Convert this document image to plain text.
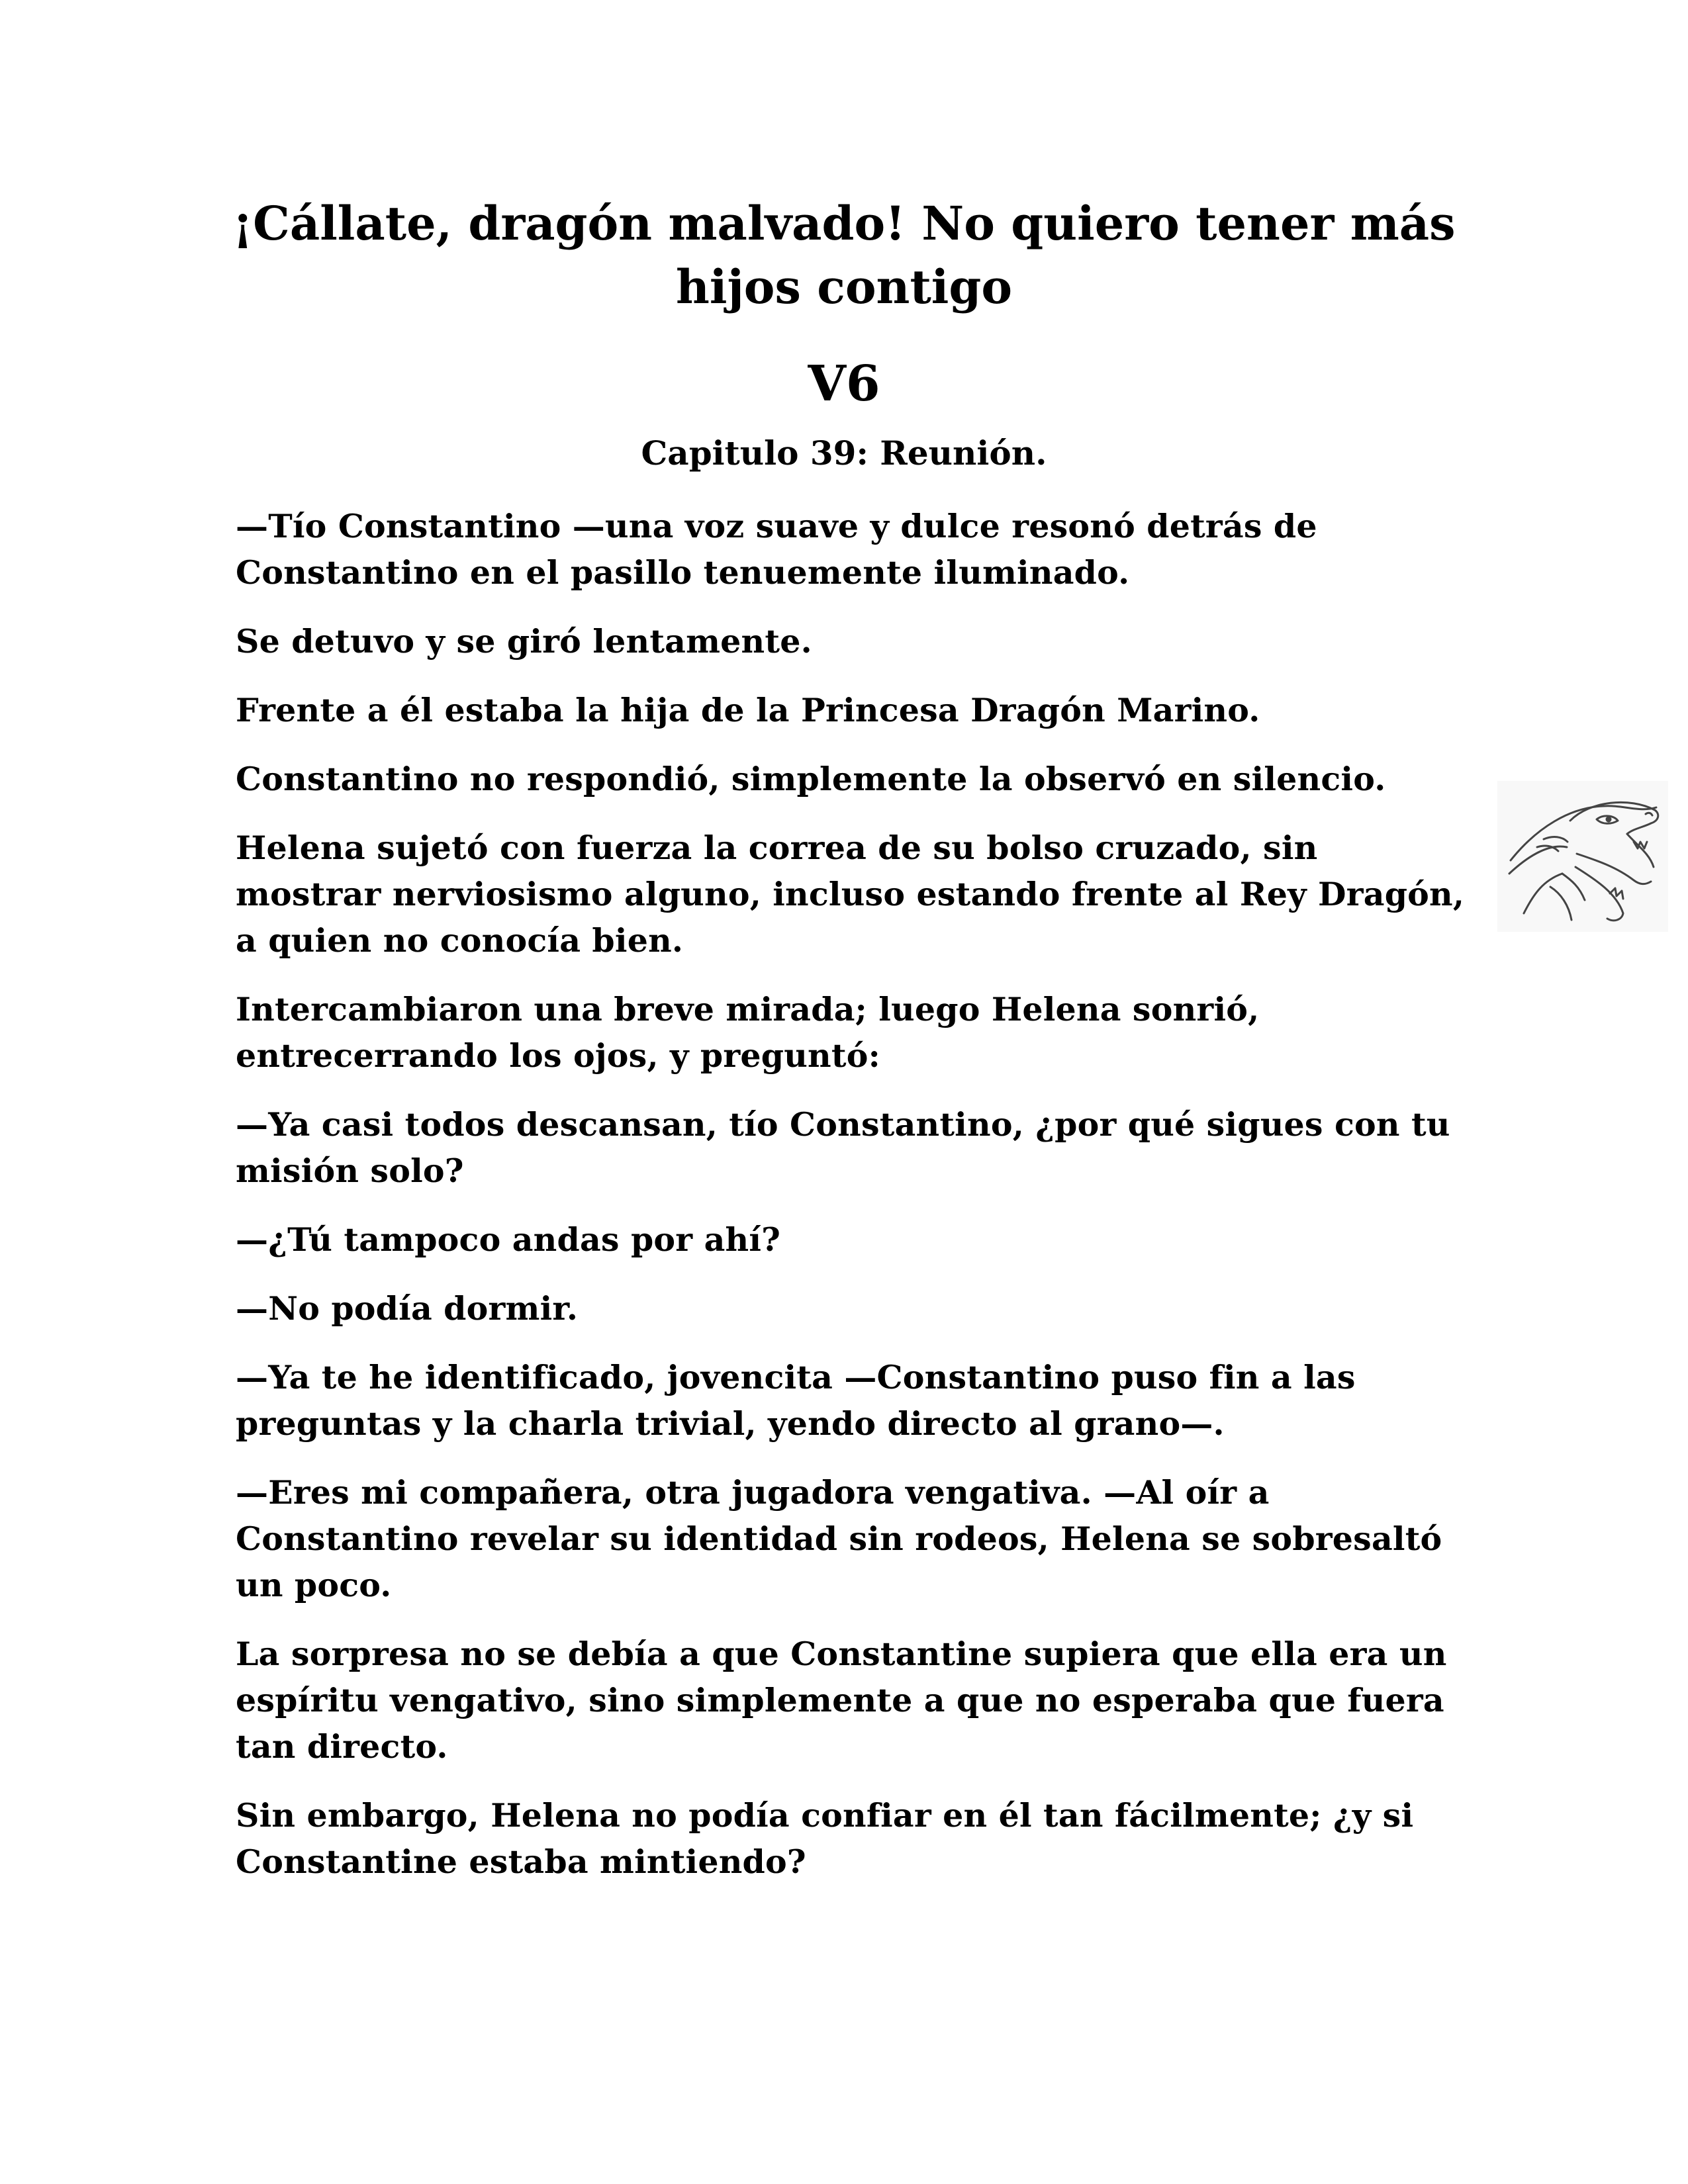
¡Cállate, dragón malvado! No quiero tener más hijos contigo
V6
Capitulo 39: Reunión.

—Tío Constantino —una voz suave y dulce resonó detrás de Constantino en el pasillo tenuemente iluminado.

Se detuvo y se giró lentamente.

Frente a él estaba la hija de la Princesa Dragón Marino.

Constantino no respondió, simplemente la observó en silencio.

Helena sujetó con fuerza la correa de su bolso cruzado, sin mostrar nerviosismo alguno, incluso estando frente al Rey Dragón, a quien no conocía bien.

Intercambiaron una breve mirada; luego Helena sonrió, entrecerrando los ojos, y preguntó:

—Ya casi todos descansan, tío Constantino, ¿por qué sigues con tu misión solo?

—¿Tú tampoco andas por ahí?

—No podía dormir.

—Ya te he identificado, jovencita —Constantino puso fin a las preguntas y la charla trivial, yendo directo al grano—.

—Eres mi compañera, otra jugadora vengativa. —Al oír a Constantino revelar su identidad sin rodeos, Helena se sobresaltó un poco.

La sorpresa no se debía a que Constantine supiera que ella era un espíritu vengativo, sino simplemente a que no esperaba que fuera tan directo.

Sin embargo, Helena no podía confiar en él tan fácilmente; ¿y si Constantine estaba mintiendo?
